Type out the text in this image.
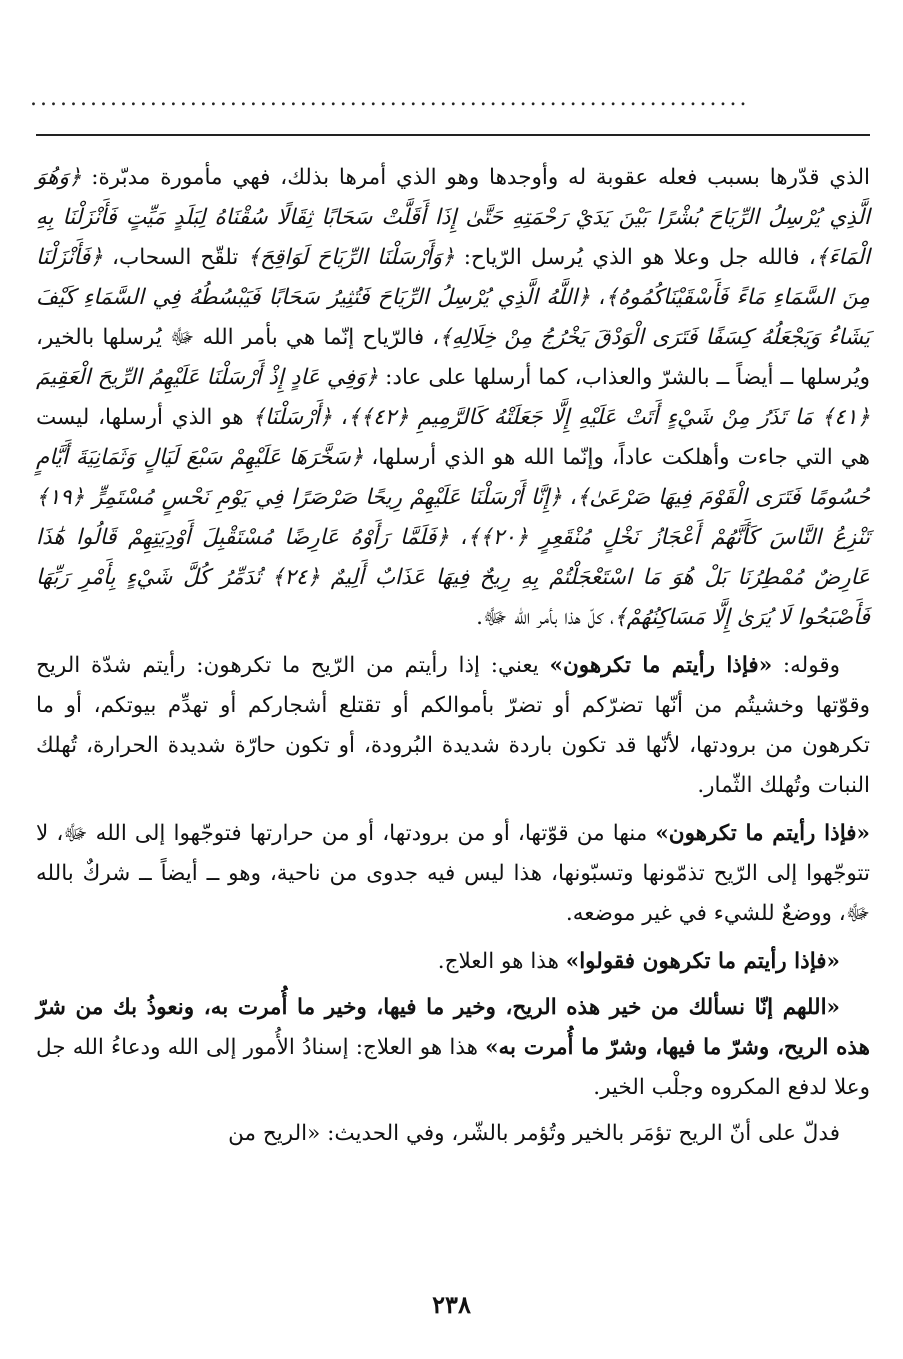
........................................................................

الذي قدّرها بسبب فعله عقوبة له وأوجدها وهو الذي أمرها بذلك، فهي مأمورة مدبّرة: ﴿وَهُوَ الَّذِي يُرْسِلُ الرِّيَاحَ بُشْرًا بَيْنَ يَدَيْ رَحْمَتِهِ حَتَّىٰ إِذَا أَقَلَّتْ سَحَابًا ثِقَالًا سُقْنَاهُ لِبَلَدٍ مَيِّتٍ فَأَنْزَلْنَا بِهِ الْمَاءَ﴾، فالله جل وعلا هو الذي يُرسل الرّياح: ﴿وَأَرْسَلْنَا الرِّيَاحَ لَوَاقِحَ﴾ تلقّح السحاب، ﴿فَأَنْزَلْنَا مِنَ السَّمَاءِ مَاءً فَأَسْقَيْنَاكُمُوهُ﴾، ﴿اللَّهُ الَّذِي يُرْسِلُ الرِّيَاحَ فَتُثِيرُ سَحَابًا فَيَبْسُطُهُ فِي السَّمَاءِ كَيْفَ يَشَاءُ وَيَجْعَلُهُ كِسَفًا فَتَرَى الْوَدْقَ يَخْرُجُ مِنْ خِلَالِهِ﴾، فالرّياح إنّما هي بأمر الله ﷻ يُرسلها بالخير، ويُرسلها ــ أيضاً ــ بالشرّ والعذاب، كما أرسلها على عاد: ﴿وَفِي عَادٍ إِذْ أَرْسَلْنَا عَلَيْهِمُ الرِّيحَ الْعَقِيمَ ﴿٤١﴾ مَا تَذَرُ مِنْ شَيْءٍ أَتَتْ عَلَيْهِ إِلَّا جَعَلَتْهُ كَالرَّمِيمِ ﴿٤٢﴾﴾، ﴿أَرْسَلْنَا﴾ هو الذي أرسلها، ليست هي التي جاءت وأهلكت عاداً، وإنّما الله هو الذي أرسلها، ﴿سَخَّرَهَا عَلَيْهِمْ سَبْعَ لَيَالٍ وَثَمَانِيَةَ أَيَّامٍ حُسُومًا فَتَرَى الْقَوْمَ فِيهَا صَرْعَىٰ﴾، ﴿إِنَّا أَرْسَلْنَا عَلَيْهِمْ رِيحًا صَرْصَرًا فِي يَوْمِ نَحْسٍ مُسْتَمِرٍّ ﴿١٩﴾ تَنْزِعُ النَّاسَ كَأَنَّهُمْ أَعْجَازُ نَخْلٍ مُنْقَعِرٍ ﴿٢٠﴾﴾، ﴿فَلَمَّا رَأَوْهُ عَارِضًا مُسْتَقْبِلَ أَوْدِيَتِهِمْ قَالُوا هَٰذَا عَارِضٌ مُمْطِرُنَا بَلْ هُوَ مَا اسْتَعْجَلْتُمْ بِهِ رِيحٌ فِيهَا عَذَابٌ أَلِيمٌ ﴿٢٤﴾ تُدَمِّرُ كُلَّ شَيْءٍ بِأَمْرِ رَبِّهَا فَأَصْبَحُوا لَا يُرَىٰ إِلَّا مَسَاكِنُهُمْ﴾، كلّ هذا بأمر الله ﷻ.

وقوله: «فإذا رأيتم ما تكرهون» يعني: إذا رأيتم من الرّيح ما تكرهون: رأيتم شدّة الريح وقوّتها وخشيتُم من أنّها تضرّكم أو تضرّ بأموالكم أو تقتلع أشجاركم أو تهدِّم بيوتكم، أو ما تكرهون من برودتها، لأنّها قد تكون باردة شديدة البُرودة، أو تكون حارّة شديدة الحرارة، تُهلك النبات وتُهلك الثّمار.

«فإذا رأيتم ما تكرهون» منها من قوّتها، أو من برودتها، أو من حرارتها فتوجّهوا إلى الله ﷻ، لا تتوجّهوا إلى الرّيح تذمّونها وتسبّونها، هذا ليس فيه جدوى من ناحية، وهو ــ أيضاً ــ شركٌ بالله ﷻ، ووضعٌ للشيء في غير موضعه.

«فإذا رأيتم ما تكرهون فقولوا» هذا هو العلاج.

«اللهم إنّا نسألك من خير هذه الريح، وخير ما فيها، وخير ما أُمرت به، ونعوذُ بك من شرّ هذه الريح، وشرّ ما فيها، وشرّ ما أُمرت به» هذا هو العلاج: إسنادُ الأُمور إلى الله ودعاءُ الله جل وعلا لدفع المكروه وجلْب الخير.

فدلّ على أنّ الريح تؤمَر بالخير وتُؤمر بالشّر، وفي الحديث: «الريح من

٢٣٨
